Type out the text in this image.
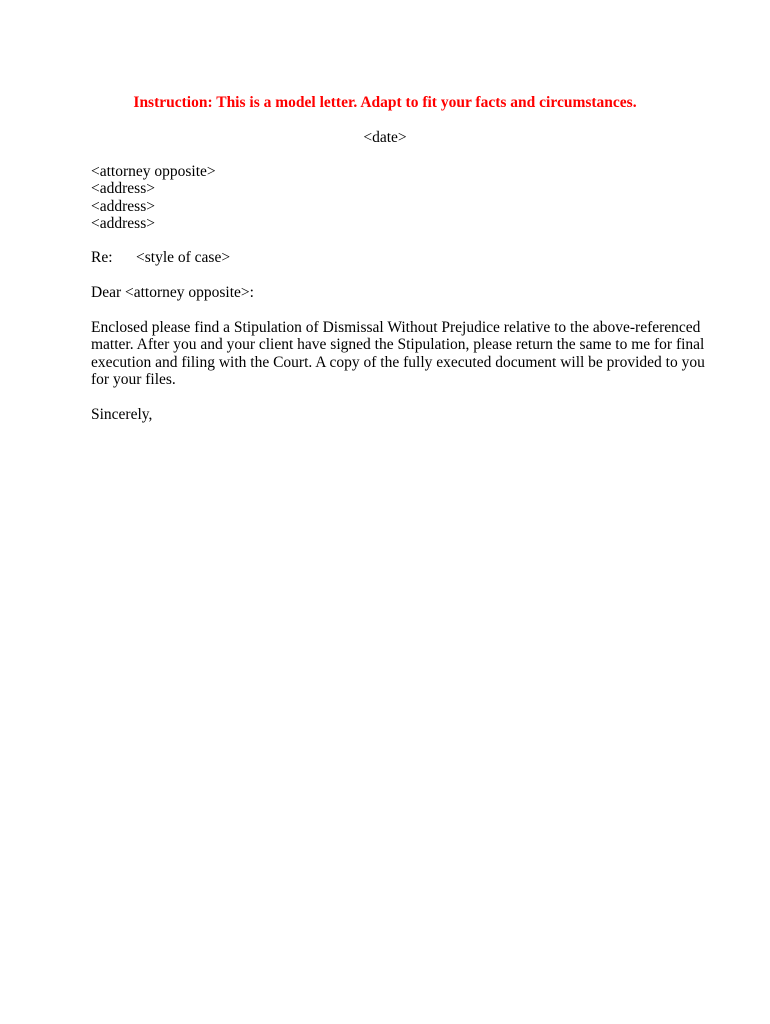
Instruction: This is a model letter. Adapt to fit your facts and circumstances.
<date>
<attorney opposite>
<address>
<address>
<address>
Re: <style of case>
Dear <attorney opposite>:
Enclosed please find a Stipulation of Dismissal Without Prejudice relative to the above-referenced
matter. After you and your client have signed the Stipulation, please return the same to me for final
execution and filing with the Court. A copy of the fully executed document will be provided to you
for your files.
Sincerely,
